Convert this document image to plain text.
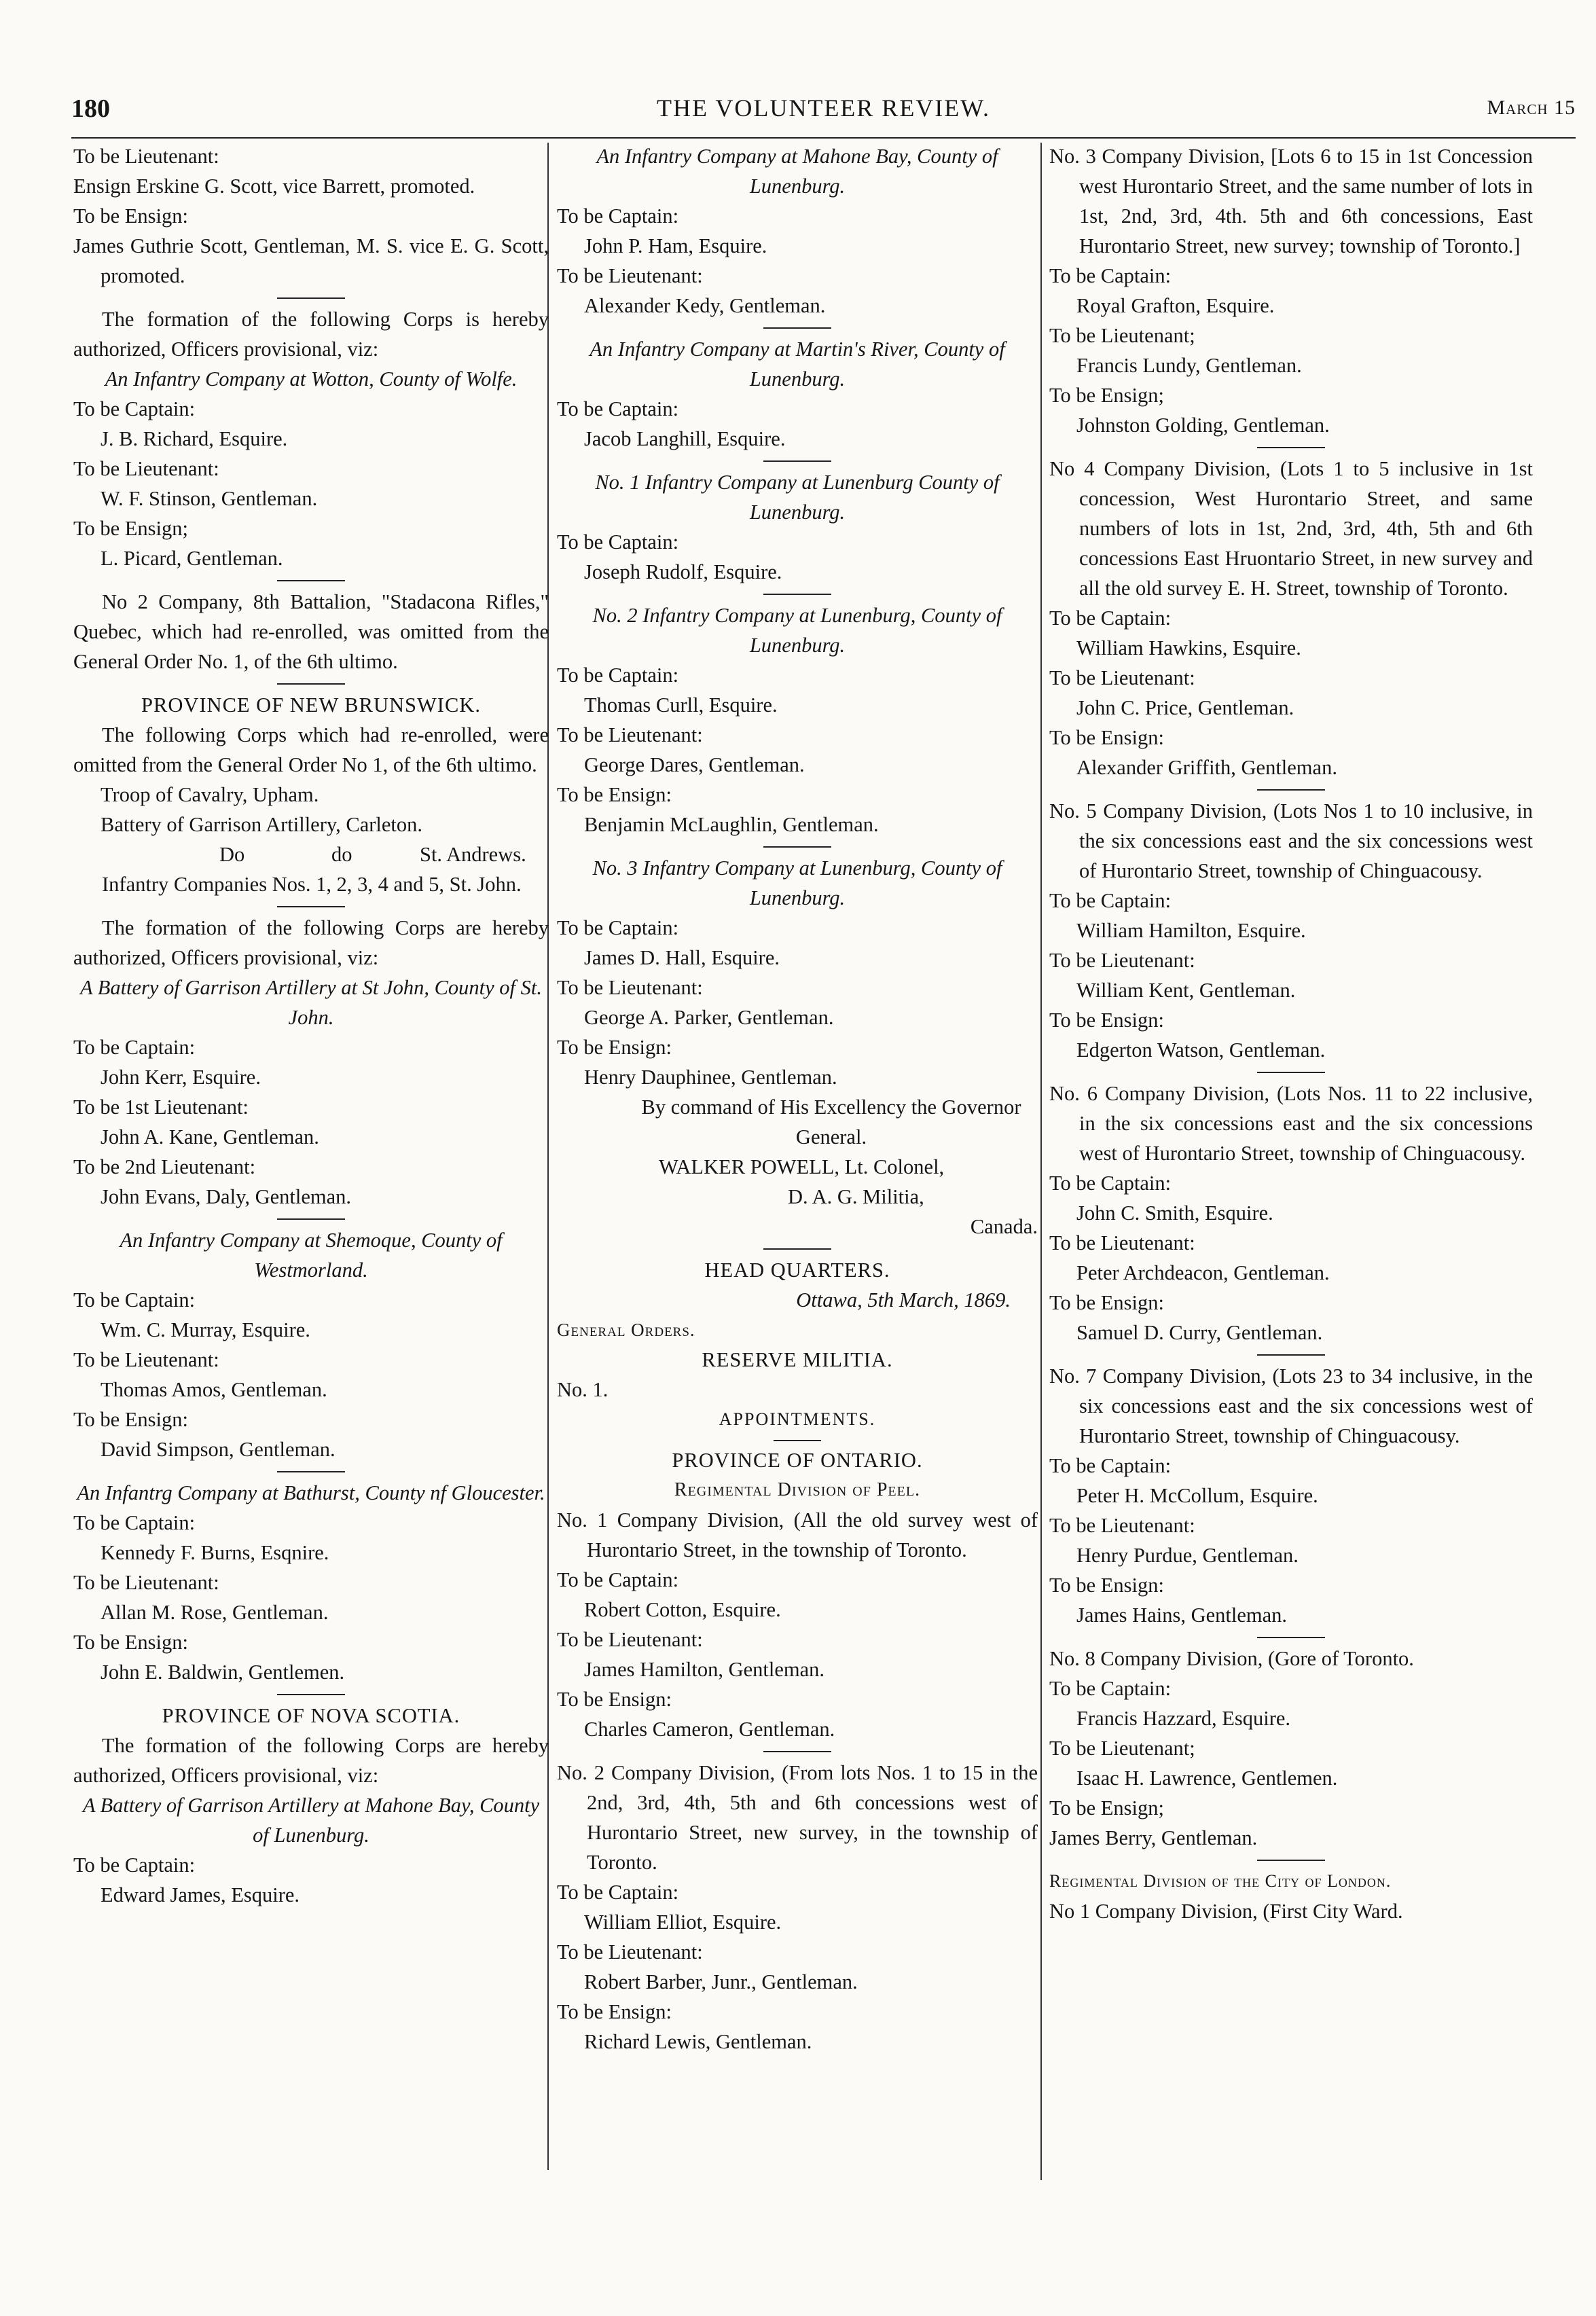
180	THE VOLUNTEER REVIEW.	March 15

To be Lieutenant:

Ensign Erskine G. Scott, vice Barrett, promoted.

To be Ensign:

James Guthrie Scott, Gentleman, M. S. vice E. G. Scott, promoted.

The formation of the following Corps is hereby authorized, Officers provisional, viz:

An Infantry Company at Wotton, County of Wolfe.

To be Captain:

J. B. Richard, Esquire.

To be Lieutenant:

W. F. Stinson, Gentleman.

To be Ensign;

L. Picard, Gentleman.

No 2 Company, 8th Battalion, "Stadacona Rifles," Quebec, which had re-enrolled, was omitted from the General Order No. 1, of the 6th ultimo.

PROVINCE OF NEW BRUNSWICK.

The following Corps which had re-enrolled, were omitted from the General Order No 1, of the 6th ultimo.

Troop of Cavalry, Upham.

Battery of Garrison Artillery, Carleton.

Do	do	St. Andrews.

Infantry Companies Nos. 1, 2, 3, 4 and 5, St. John.

The formation of the following Corps are hereby authorized, Officers provisional, viz:

A Battery of Garrison Artillery at St John, County of St. John.

To be Captain:

John Kerr, Esquire.

To be 1st Lieutenant:

John A. Kane, Gentleman.

To be 2nd Lieutenant:

John Evans, Daly, Gentleman.

An Infantry Company at Shemoque, County of Westmorland.

To be Captain:

Wm. C. Murray, Esquire.

To be Lieutenant:

Thomas Amos, Gentleman.

To be Ensign:

David Simpson, Gentleman.

An Infantrg Company at Bathurst, County nf Gloucester.

To be Captain:

Kennedy F. Burns, Esqnire.

To be Lieutenant:

Allan M. Rose, Gentleman.

To be Ensign:

John E. Baldwin, Gentlemen.

PROVINCE OF NOVA SCOTIA.

The formation of the following Corps are hereby authorized, Officers provisional, viz:

A Battery of Garrison Artillery at Mahone Bay, County of Lunenburg.

To be Captain:

Edward James, Esquire.

An Infantry Company at Mahone Bay, County of Lunenburg.

To be Captain:

John P. Ham, Esquire.

To be Lieutenant:

Alexander Kedy, Gentleman.

An Infantry Company at Martin's River, County of Lunenburg.

To be Captain:

Jacob Langhill, Esquire.

No. 1 Infantry Company at Lunenburg County of Lunenburg.

To be Captain:

Joseph Rudolf, Esquire.

No. 2 Infantry Company at Lunenburg, County of Lunenburg.

To be Captain:

Thomas Curll, Esquire.

To be Lieutenant:

George Dares, Gentleman.

To be Ensign:

Benjamin McLaughlin, Gentleman.

No. 3 Infantry Company at Lunenburg, County of Lunenburg.

To be Captain:

James D. Hall, Esquire.

To be Lieutenant:

George A. Parker, Gentleman.

To be Ensign:

Henry Dauphinee, Gentleman.

By command of His Excellency the Governor General.

WALKER POWELL, Lt. Colonel,

D. A. G. Militia,

Canada.

HEAD QUARTERS.

Ottawa, 5th March, 1869.

General Orders.

RESERVE MILITIA.

No. 1.

APPOINTMENTS.

PROVINCE OF ONTARIO.

Regimental Division of Peel.

No. 1 Company Division, (All the old survey west of Hurontario Street, in the township of Toronto.

To be Captain:

Robert Cotton, Esquire.

To be Lieutenant:

James Hamilton, Gentleman.

To be Ensign:

Charles Cameron, Gentleman.

No. 2 Company Division, (From lots Nos. 1 to 15 in the 2nd, 3rd, 4th, 5th and 6th concessions west of Hurontario Street, new survey, in the township of Toronto.

To be Captain:

William Elliot, Esquire.

To be Lieutenant:

Robert Barber, Junr., Gentleman.

To be Ensign:

Richard Lewis, Gentleman.

No. 3 Company Division, [Lots 6 to 15 in 1st Concession west Hurontario Street, and the same number of lots in 1st, 2nd, 3rd, 4th. 5th and 6th concessions, East Hurontario Street, new survey; township of Toronto.]

To be Captain:

Royal Grafton, Esquire.

To be Lieutenant;

Francis Lundy, Gentleman.

To be Ensign;

Johnston Golding, Gentleman.

No 4 Company Division, (Lots 1 to 5 inclusive in 1st concession, West Hurontario Street, and same numbers of lots in 1st, 2nd, 3rd, 4th, 5th and 6th concessions East Hruontario Street, in new survey and all the old survey E. H. Street, township of Toronto.

To be Captain:

William Hawkins, Esquire.

To be Lieutenant:

John C. Price, Gentleman.

To be Ensign:

Alexander Griffith, Gentleman.

No. 5 Company Division, (Lots Nos 1 to 10 inclusive, in the six concessions east and the six concessions west of Hurontario Street, township of Chinguacousy.

To be Captain:

William Hamilton, Esquire.

To be Lieutenant:

William Kent, Gentleman.

To be Ensign:

Edgerton Watson, Gentleman.

No. 6 Company Division, (Lots Nos. 11 to 22 inclusive, in the six concessions east and the six concessions west of Hurontario Street, township of Chinguacousy.

To be Captain:

John C. Smith, Esquire.

To be Lieutenant:

Peter Archdeacon, Gentleman.

To be Ensign:

Samuel D. Curry, Gentleman.

No. 7 Company Division, (Lots 23 to 34 inclusive, in the six concessions east and the six concessions west of Hurontario Street, township of Chinguacousy.

To be Captain:

Peter H. McCollum, Esquire.

To be Lieutenant:

Henry Purdue, Gentleman.

To be Ensign:

James Hains, Gentleman.

No. 8 Company Division, (Gore of Toronto.

To be Captain:

Francis Hazzard, Esquire.

To be Lieutenant;

Isaac H. Lawrence, Gentlemen.

To be Ensign;

James Berry, Gentleman.

Regimental Division of the City of London.

No 1 Company Division, (First City Ward.
